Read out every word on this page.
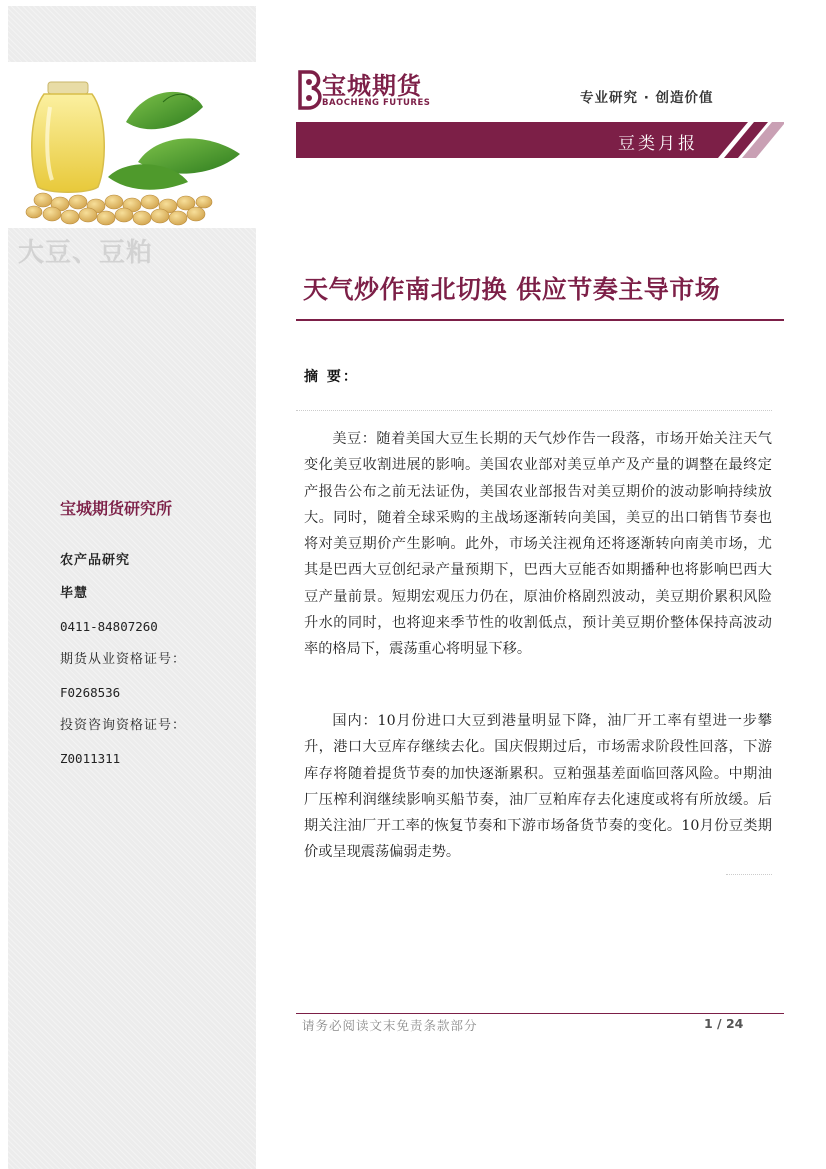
大豆、豆粕
宝城期货研究所
农产品研究
毕慧
0411-84807260
期货从业资格证号：
F0268536
投资咨询资格证号：
Z0011311
宝城期货
BAOCHENG FUTURES	专业研究 · 创造价值
豆类月报
天气炒作南北切换 供应节奏主导市场
摘 要：

美豆：随着美国大豆生长期的天气炒作告一段落，市场开始关注天气变化美豆收割进展的影响。美国农业部对美豆单产及产量的调整在最终定产报告公布之前无法证伪，美国农业部报告对美豆期价的波动影响持续放大。同时，随着全球采购的主战场逐渐转向美国，美豆的出口销售节奏也将对美豆期价产生影响。此外，市场关注视角还将逐渐转向南美市场，尤其是巴西大豆创纪录产量预期下，巴西大豆能否如期播种也将影响巴西大豆产量前景。短期宏观压力仍在，原油价格剧烈波动，美豆期价累积风险升水的同时，也将迎来季节性的收割低点，预计美豆期价整体保持高波动率的格局下，震荡重心将明显下移。

国内：10月份进口大豆到港量明显下降，油厂开工率有望进一步攀升，港口大豆库存继续去化。国庆假期过后，市场需求阶段性回落，下游库存将随着提货节奏的加快逐渐累积。豆粕强基差面临回落风险。中期油厂压榨利润继续影响买船节奏，油厂豆粕库存去化速度或将有所放缓。后期关注油厂开工率的恢复节奏和下游市场备货节奏的变化。10月份豆类期价或呈现震荡偏弱走势。

请务必阅读文末免责条款部分	1 / 24
